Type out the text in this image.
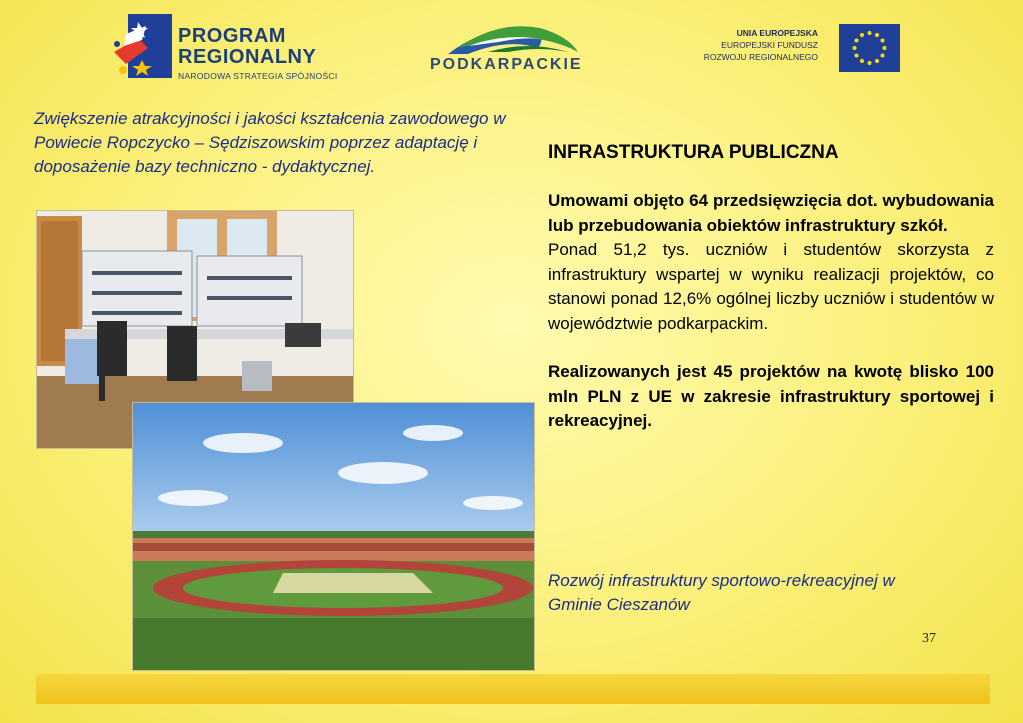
PROGRAM
REGIONALNY
NARODOWA STRATEGIA SPÓJNOŚCI
PODKARPACKIE
UNIA EUROPEJSKA
EUROPEJSKI FUNDUSZ
ROZWOJU REGIONALNEGO
Zwiększenie atrakcyjności i jakości kształcenia zawodowego w Powiecie Ropczycko – Sędziszowskim poprzez adaptację i doposażenie bazy techniczno - dydaktycznej.
INFRASTRUKTURA PUBLICZNA

Umowami objęto 64 przedsięwzięcia dot. wybudowania lub przebudowania obiektów infrastruktury szkół.

Ponad 51,2 tys. uczniów i studentów skorzysta z infrastruktury wspartej w wyniku realizacji projektów, co stanowi ponad 12,6% ogólnej liczby uczniów i studentów w województwie podkarpackim.

Realizowanych jest 45 projektów na kwotę blisko 100 mln PLN z UE w zakresie infrastruktury sportowej i rekreacyjnej.

Rozwój infrastruktury sportowo-rekreacyjnej w Gminie Cieszanów
37
